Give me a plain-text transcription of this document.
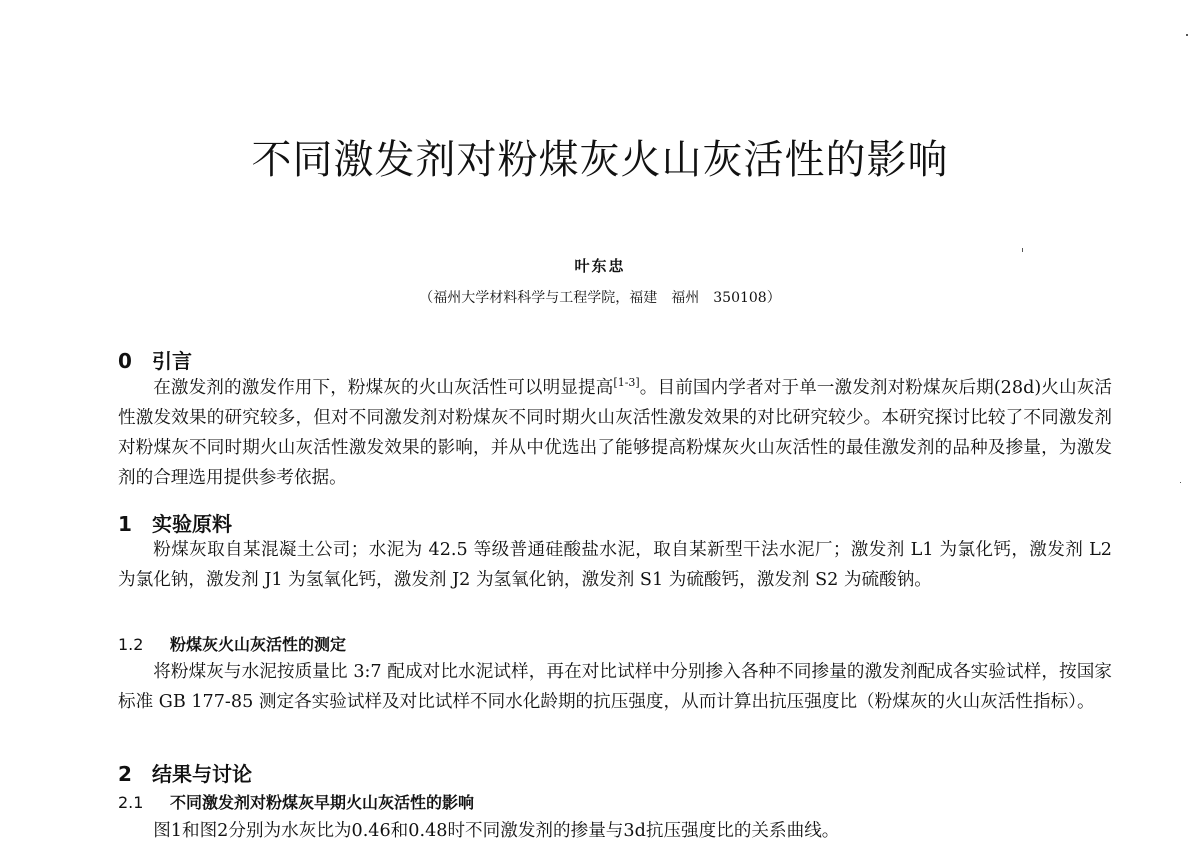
不同激发剂对粉煤灰火山灰活性的影响
叶东忠
（福州大学材料科学与工程学院，福建　福州　350108）
0 引言

在激发剂的激发作用下，粉煤灰的火山灰活性可以明显提高[1-3]。目前国内学者对于单一激发剂对粉煤灰后期(28d)火山灰活性激发效果的研究较多，但对不同激发剂对粉煤灰不同时期火山灰活性激发效果的对比研究较少。本研究探讨比较了不同激发剂对粉煤灰不同时期火山灰活性激发效果的影响，并从中优选出了能够提高粉煤灰火山灰活性的最佳激发剂的品种及掺量，为激发剂的合理选用提供参考依据。

1 实验原料

粉煤灰取自某混凝土公司；水泥为 42.5 等级普通硅酸盐水泥，取自某新型干法水泥厂；激发剂 L1 为氯化钙，激发剂 L2 为氯化钠，激发剂 J1 为氢氧化钙，激发剂 J2 为氢氧化钠，激发剂 S1 为硫酸钙，激发剂 S2 为硫酸钠。

1.2 粉煤灰火山灰活性的测定

将粉煤灰与水泥按质量比 3:7 配成对比水泥试样，再在对比试样中分别掺入各种不同掺量的激发剂配成各实验试样，按国家标准 GB 177-85 测定各实验试样及对比试样不同水化龄期的抗压强度，从而计算出抗压强度比（粉煤灰的火山灰活性指标）。

2 结果与讨论
2.1 不同激发剂对粉煤灰早期火山灰活性的影响

图1和图2分别为水灰比为0.46和0.48时不同激发剂的掺量与3d抗压强度比的关系曲线。
